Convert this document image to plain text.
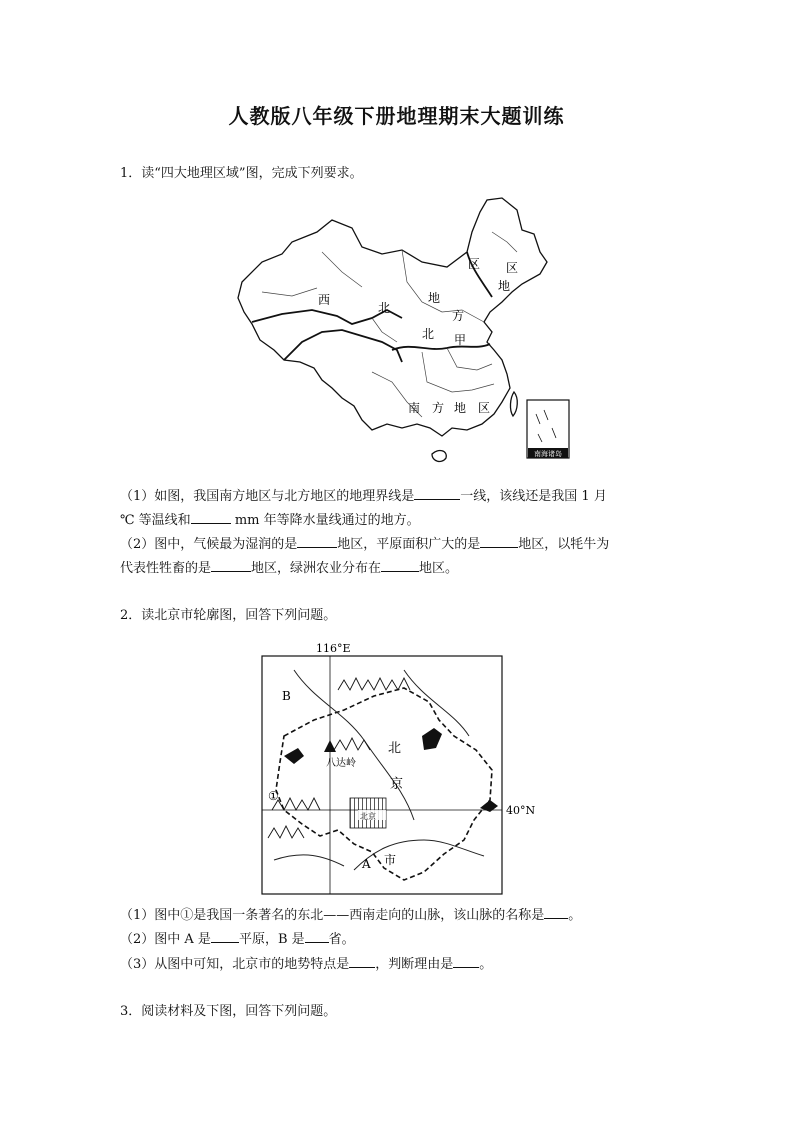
人教版八年级下册地理期末大题训练
1．读“四大地理区域”图，完成下列要求。
南海诸岛
西
北
区 区
地
地
北
方
甲
南 方 地 区
（1）如图，我国南方地区与北方地区的地理界线是	一线，该线还是我国 1 月
℃ 等温线和	mm 年等降水量线通过的地方。
（2）图中，气候最为湿润的是	地区，平原面积广大的是	地区，以牦牛为
代表性牲畜的是	地区，绿洲农业分布在	地区。
2．读北京市轮廓图，回答下列问题。
116°E
40°N
北京
八达岭
B
A
北
京
市
①
（1）图中①是我国一条著名的东北——西南走向的山脉，该山脉的名称是 。
（2）图中 A 是 平原，B 是 省。
（3）从图中可知，北京市的地势特点是 ，判断理由是 。
3．阅读材料及下图，回答下列问题。
